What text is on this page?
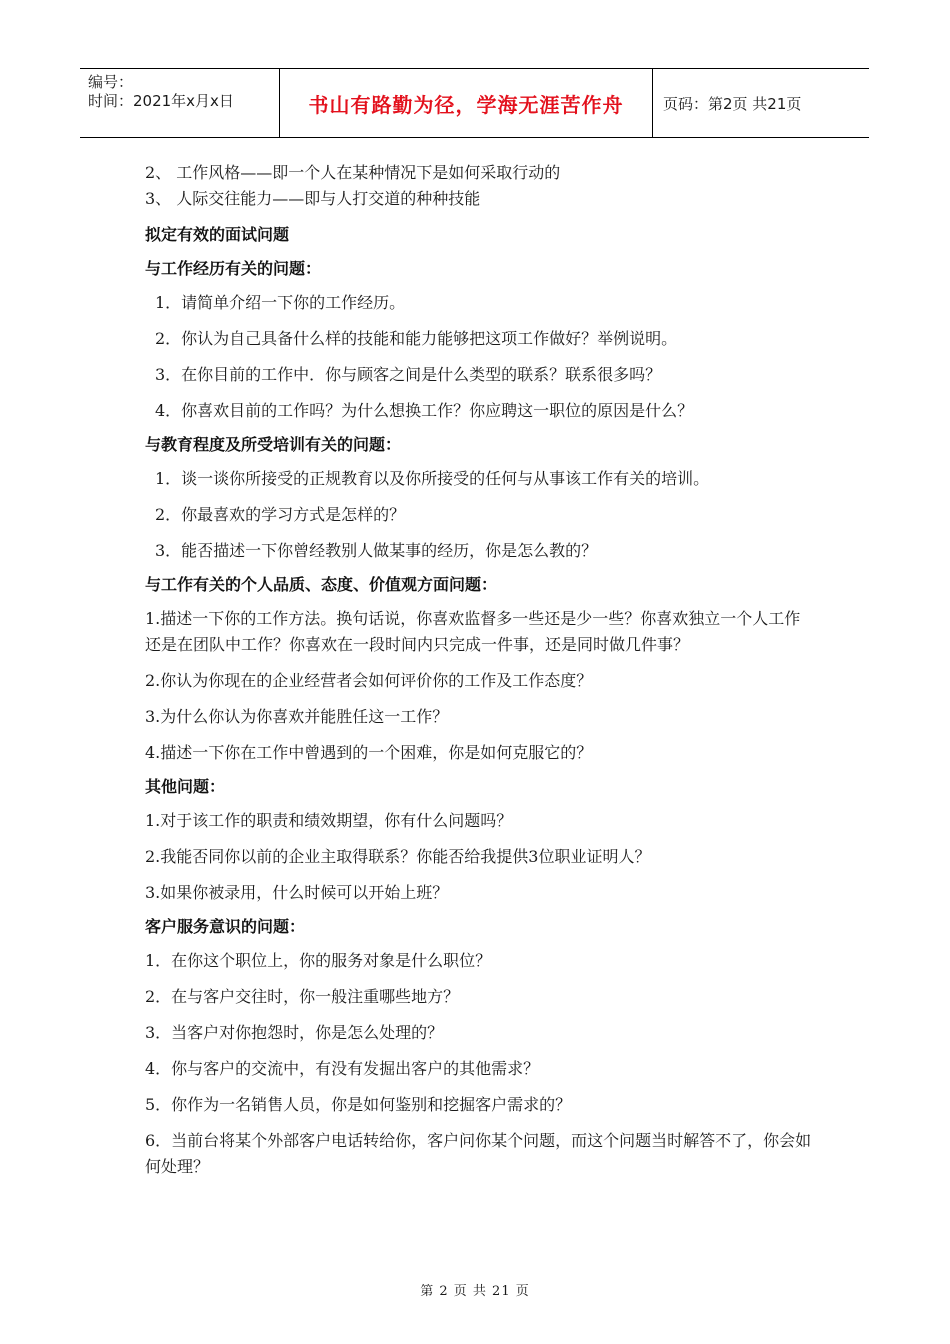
编号：
时间：2021年x月x日	书山有路勤为径，学海无涯苦作舟	页码：第2页 共21页

2、 工作风格——即一个人在某种情况下是如何采取行动的

3、 人际交往能力——即与人打交道的种种技能

拟定有效的面试问题
与工作经历有关的问题：

1．请简单介绍一下你的工作经历。

2．你认为自己具备什么样的技能和能力能够把这项工作做好？举例说明。

3．在你目前的工作中．你与顾客之间是什么类型的联系？联系很多吗？

4．你喜欢目前的工作吗？为什么想换工作？你应聘这一职位的原因是什么？

与教育程度及所受培训有关的问题：

1．谈一谈你所接受的正规教育以及你所接受的任何与从事该工作有关的培训。

2．你最喜欢的学习方式是怎样的？

3．能否描述一下你曾经教别人做某事的经历，你是怎么教的？

与工作有关的个人品质、态度、价值观方面问题：

1.描述一下你的工作方法。换句话说，你喜欢监督多一些还是少一些？你喜欢独立一个人工作还是在团队中工作？你喜欢在一段时间内只完成一件事，还是同时做几件事？

2.你认为你现在的企业经营者会如何评价你的工作及工作态度？

3.为什么你认为你喜欢并能胜任这一工作？

4.描述一下你在工作中曾遇到的一个困难，你是如何克服它的？

其他问题：

1.对于该工作的职责和绩效期望，你有什么问题吗？

2.我能否同你以前的企业主取得联系？你能否给我提供3位职业证明人？

3.如果你被录用，什么时候可以开始上班？

客户服务意识的问题：

1．在你这个职位上，你的服务对象是什么职位？

2．在与客户交往时，你一般注重哪些地方？

3．当客户对你抱怨时，你是怎么处理的？

4．你与客户的交流中，有没有发掘出客户的其他需求？

5．你作为一名销售人员，你是如何鉴别和挖掘客户需求的？

6．当前台将某个外部客户电话转给你，客户问你某个问题，而这个问题当时解答不了，你会如何处理？

第 2 页 共 21 页
